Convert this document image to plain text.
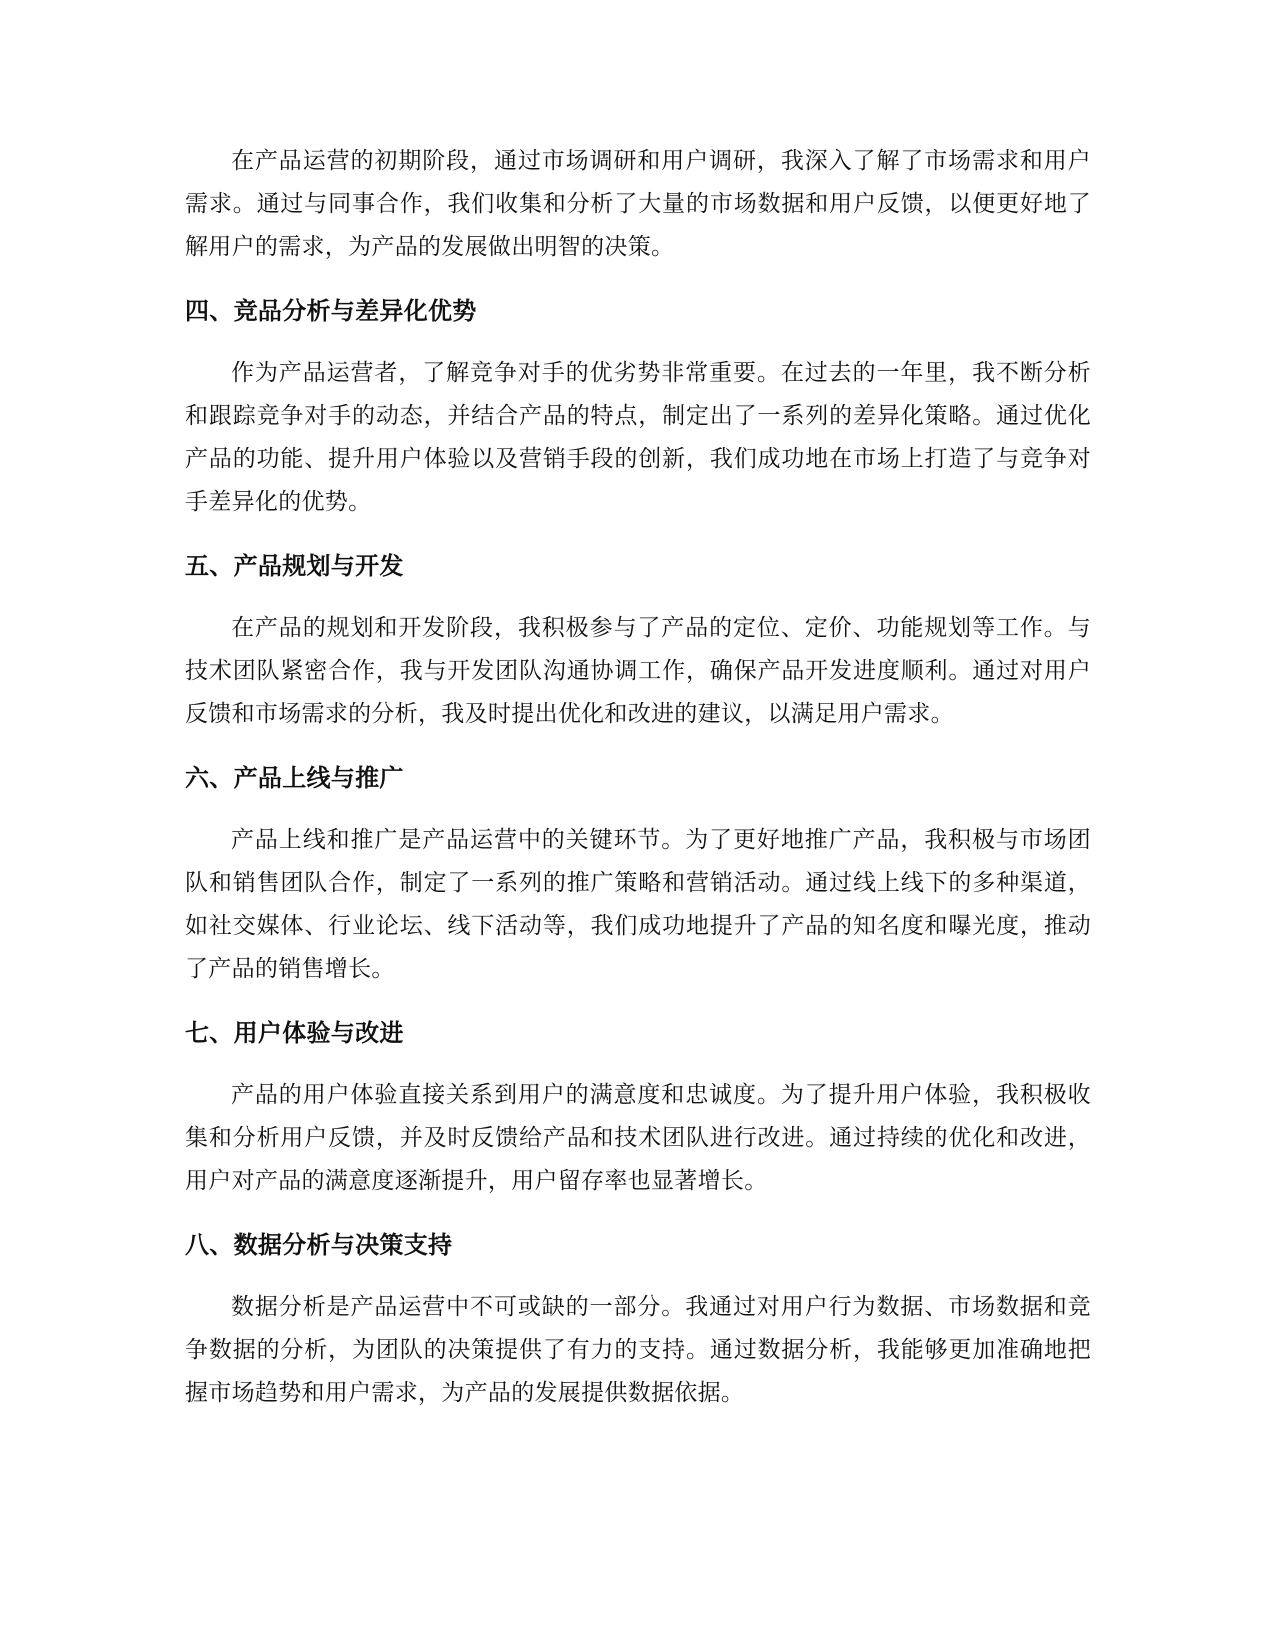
在产品运营的初期阶段，通过市场调研和用户调研，我深入了解了市场需求和用户需求。通过与同事合作，我们收集和分析了大量的市场数据和用户反馈，以便更好地了解用户的需求，为产品的发展做出明智的决策。

四、竞品分析与差异化优势

作为产品运营者，了解竞争对手的优劣势非常重要。在过去的一年里，我不断分析和跟踪竞争对手的动态，并结合产品的特点，制定出了一系列的差异化策略。通过优化产品的功能、提升用户体验以及营销手段的创新，我们成功地在市场上打造了与竞争对手差异化的优势。

五、产品规划与开发

在产品的规划和开发阶段，我积极参与了产品的定位、定价、功能规划等工作。与技术团队紧密合作，我与开发团队沟通协调工作，确保产品开发进度顺利。通过对用户反馈和市场需求的分析，我及时提出优化和改进的建议，以满足用户需求。

六、产品上线与推广

产品上线和推广是产品运营中的关键环节。为了更好地推广产品，我积极与市场团队和销售团队合作，制定了一系列的推广策略和营销活动。通过线上线下的多种渠道，如社交媒体、行业论坛、线下活动等，我们成功地提升了产品的知名度和曝光度，推动了产品的销售增长。

七、用户体验与改进

产品的用户体验直接关系到用户的满意度和忠诚度。为了提升用户体验，我积极收集和分析用户反馈，并及时反馈给产品和技术团队进行改进。通过持续的优化和改进，用户对产品的满意度逐渐提升，用户留存率也显著增长。

八、数据分析与决策支持

数据分析是产品运营中不可或缺的一部分。我通过对用户行为数据、市场数据和竞争数据的分析，为团队的决策提供了有力的支持。通过数据分析，我能够更加准确地把握市场趋势和用户需求，为产品的发展提供数据依据。
